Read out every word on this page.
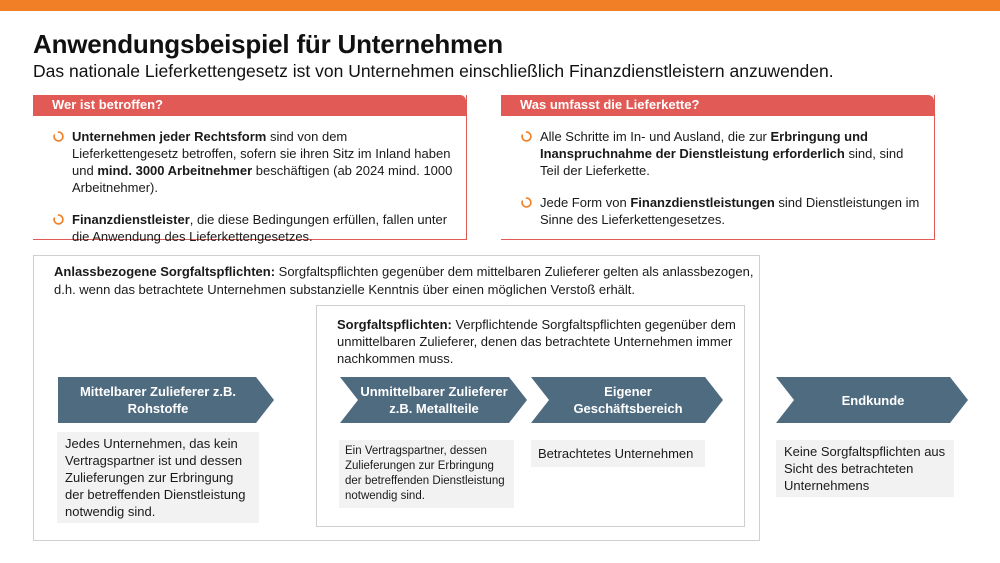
Anwendungsbeispiel für Unternehmen
Das nationale Lieferkettengesetz ist von Unternehmen einschließlich Finanzdienstleistern anzuwenden.
Wer ist betroffen?
Unternehmen jeder Rechtsform sind von dem Lieferkettengesetz betroffen, sofern sie ihren Sitz im Inland haben und mind. 3000 Arbeitnehmer beschäftigen (ab 2024 mind. 1000 Arbeitnehmer).
Finanzdienstleister, die diese Bedingungen erfüllen, fallen unter die Anwendung des Lieferkettengesetzes.
Was umfasst die Lieferkette?
Alle Schritte im In- und Ausland, die zur Erbringung und Inanspruchnahme der Dienstleistung erforderlich sind, sind Teil der Lieferkette.
Jede Form von Finanzdienstleistungen sind Dienstleistungen im Sinne des Lieferkettengesetzes.
Anlassbezogene Sorgfaltspflichten: Sorgfaltspflichten gegenüber dem mittelbaren Zulieferer gelten als anlassbezogen, d.h. wenn das betrachtete Unternehmen substanzielle Kenntnis über einen möglichen Verstoß erhält.
Sorgfaltspflichten: Verpflichtende Sorgfaltspflichten gegenüber dem unmittelbaren Zulieferer, denen das betrachtete Unternehmen immer nachkommen muss.
Mittelbarer Zulieferer z.B. Rohstoffe
Unmittelbarer Zulieferer z.B. Metallteile
Eigener Geschäftsbereich
Endkunde
Jedes Unternehmen, das kein Vertragspartner ist und dessen Zulieferungen zur Erbringung der betreffenden Dienstleistung notwendig sind.
Ein Vertragspartner, dessen Zulieferungen zur Erbringung der betreffenden Dienstleistung notwendig sind.
Betrachtetes Unternehmen	Keine Sorgfaltspflichten aus Sicht des betrachteten Unternehmens
